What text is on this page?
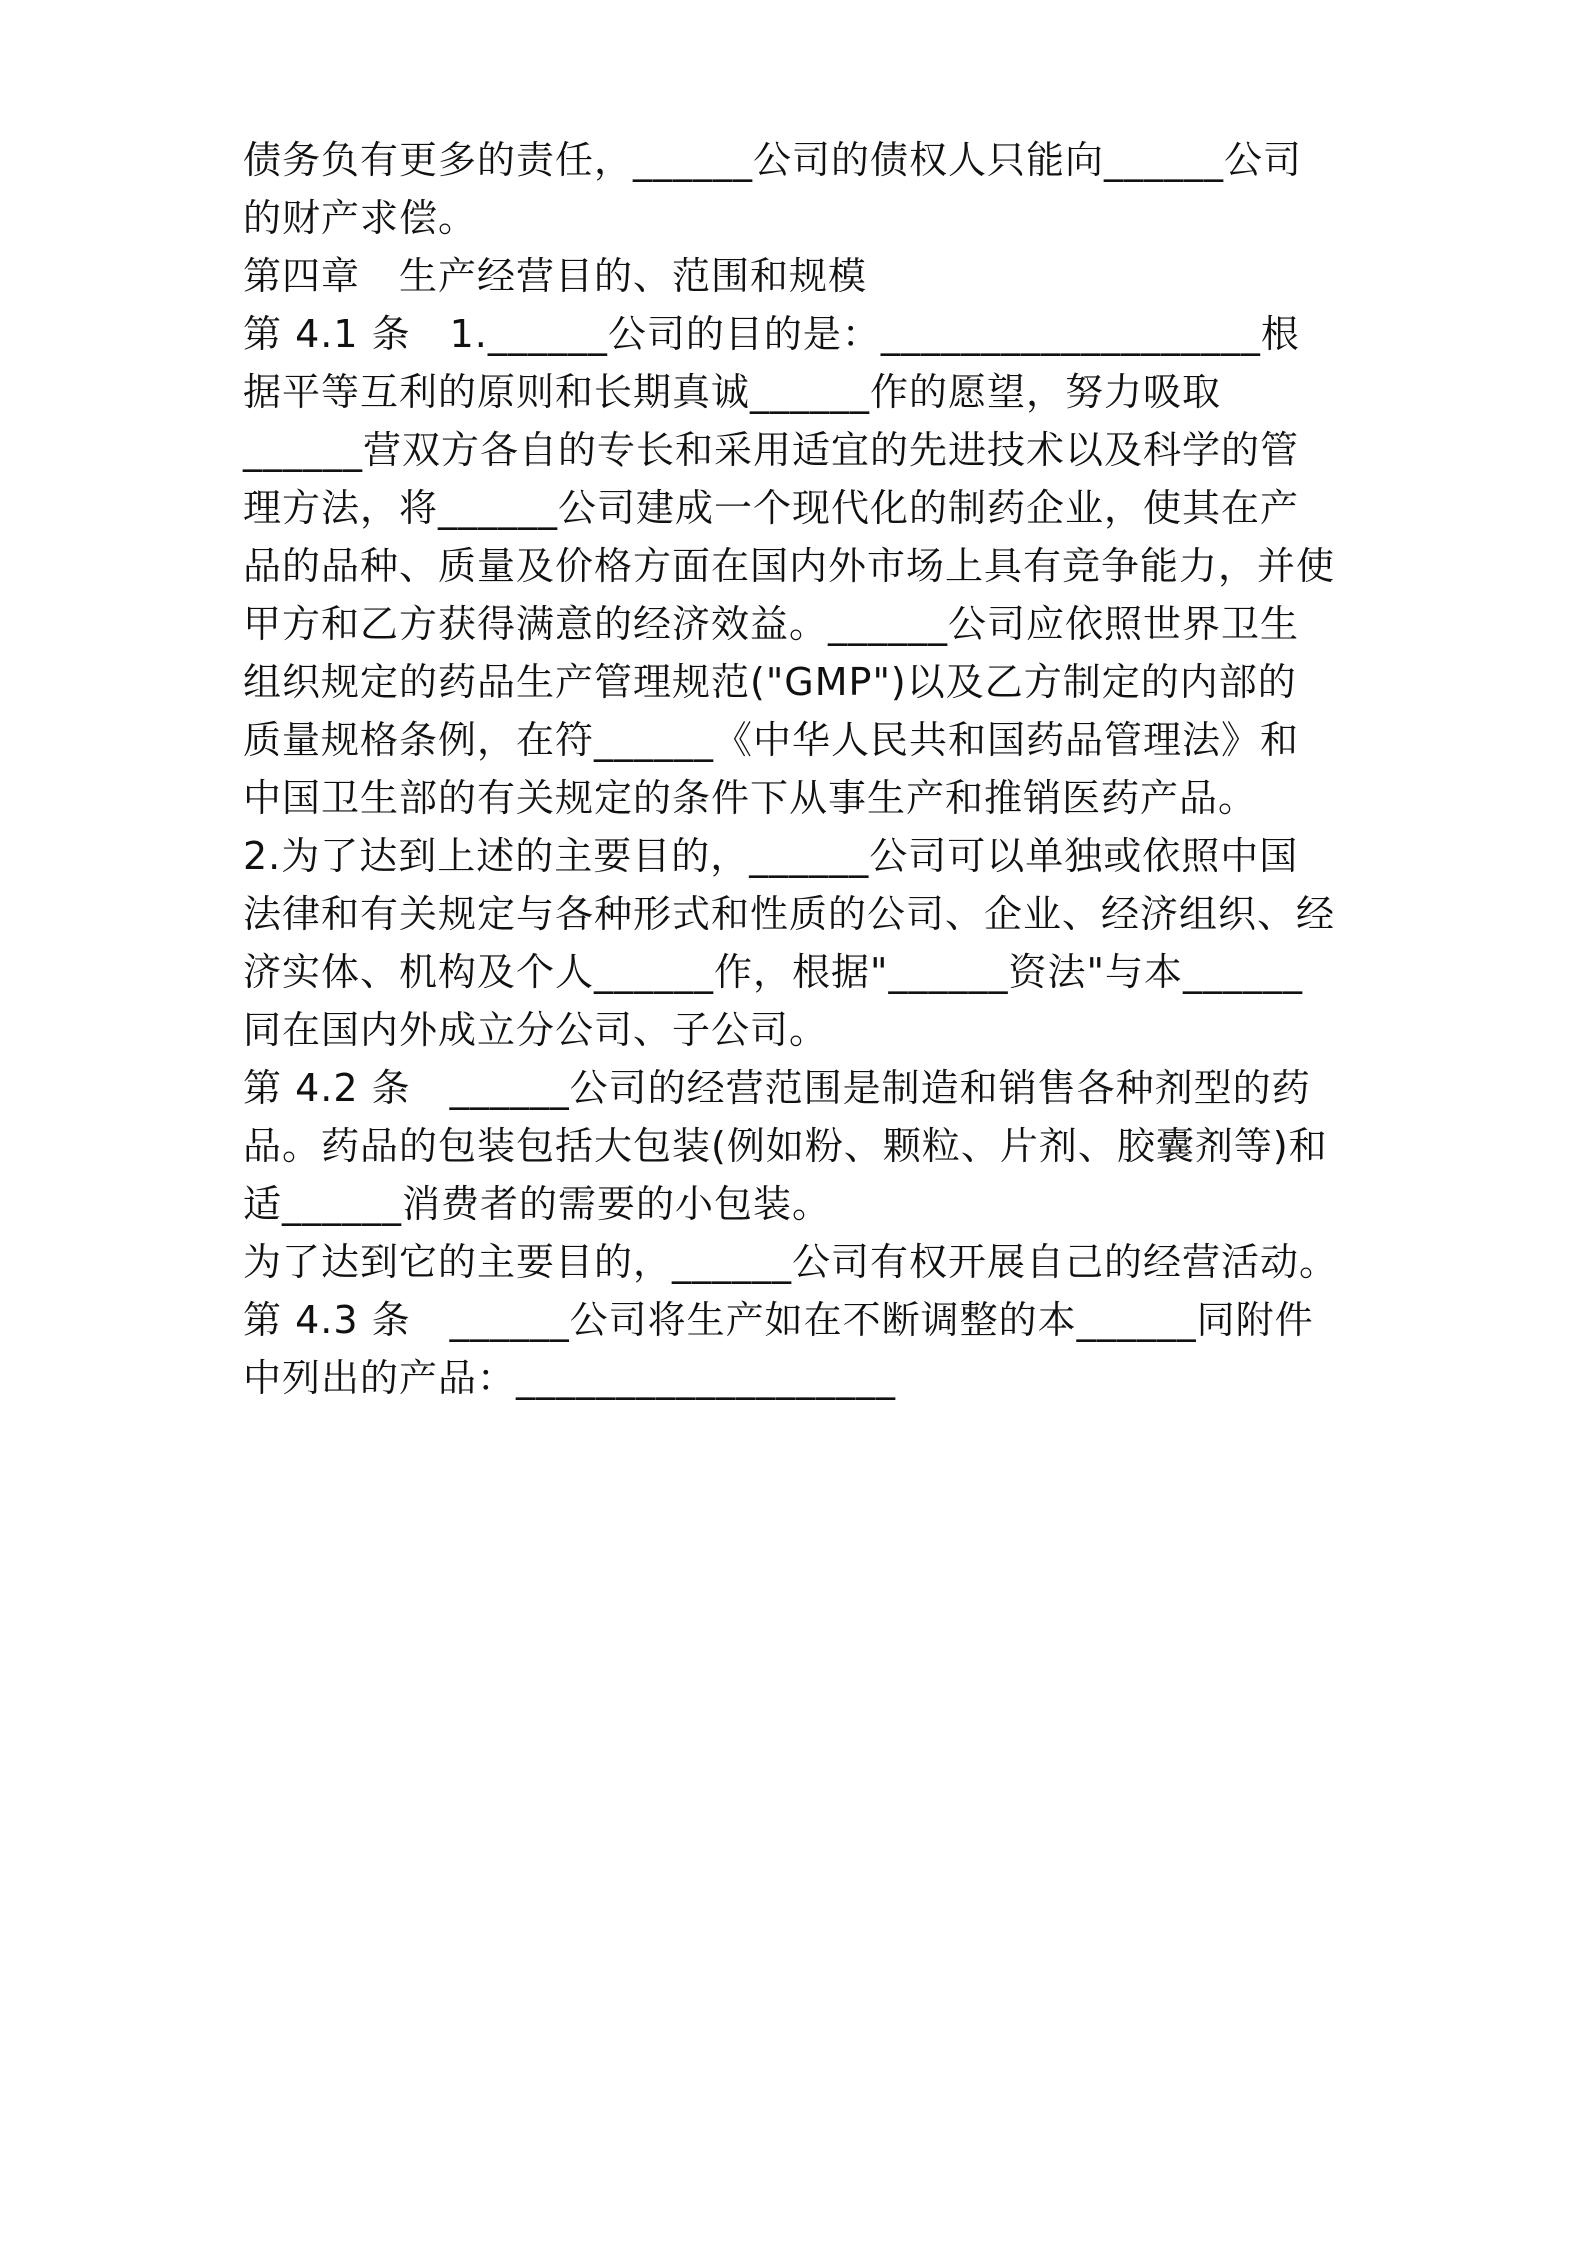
债务负有更多的责任，______公司的债权人只能向______公司
的财产求偿。
第四章　生产经营目的、范围和规模
第 4.1 条　1.______公司的目的是：___________________根
据平等互利的原则和长期真诚______作的愿望，努力吸取
______营双方各自的专长和采用适宜的先进技术以及科学的管
理方法，将______公司建成一个现代化的制药企业，使其在产
品的品种、质量及价格方面在国内外市场上具有竞争能力，并使
甲方和乙方获得满意的经济效益。______公司应依照世界卫生
组织规定的药品生产管理规范("GMP")以及乙方制定的内部的
质量规格条例，在符______《中华人民共和国药品管理法》和
中国卫生部的有关规定的条件下从事生产和推销医药产品。
2.为了达到上述的主要目的，______公司可以单独或依照中国
法律和有关规定与各种形式和性质的公司、企业、经济组织、经
济实体、机构及个人______作，根据"______资法"与本______
同在国内外成立分公司、子公司。
第 4.2 条　______公司的经营范围是制造和销售各种剂型的药
品。药品的包装包括大包装(例如粉、颗粒、片剂、胶囊剂等)和
适______消费者的需要的小包装。
为了达到它的主要目的，______公司有权开展自己的经营活动。
第 4.3 条　______公司将生产如在不断调整的本______同附件
中列出的产品：___________________
